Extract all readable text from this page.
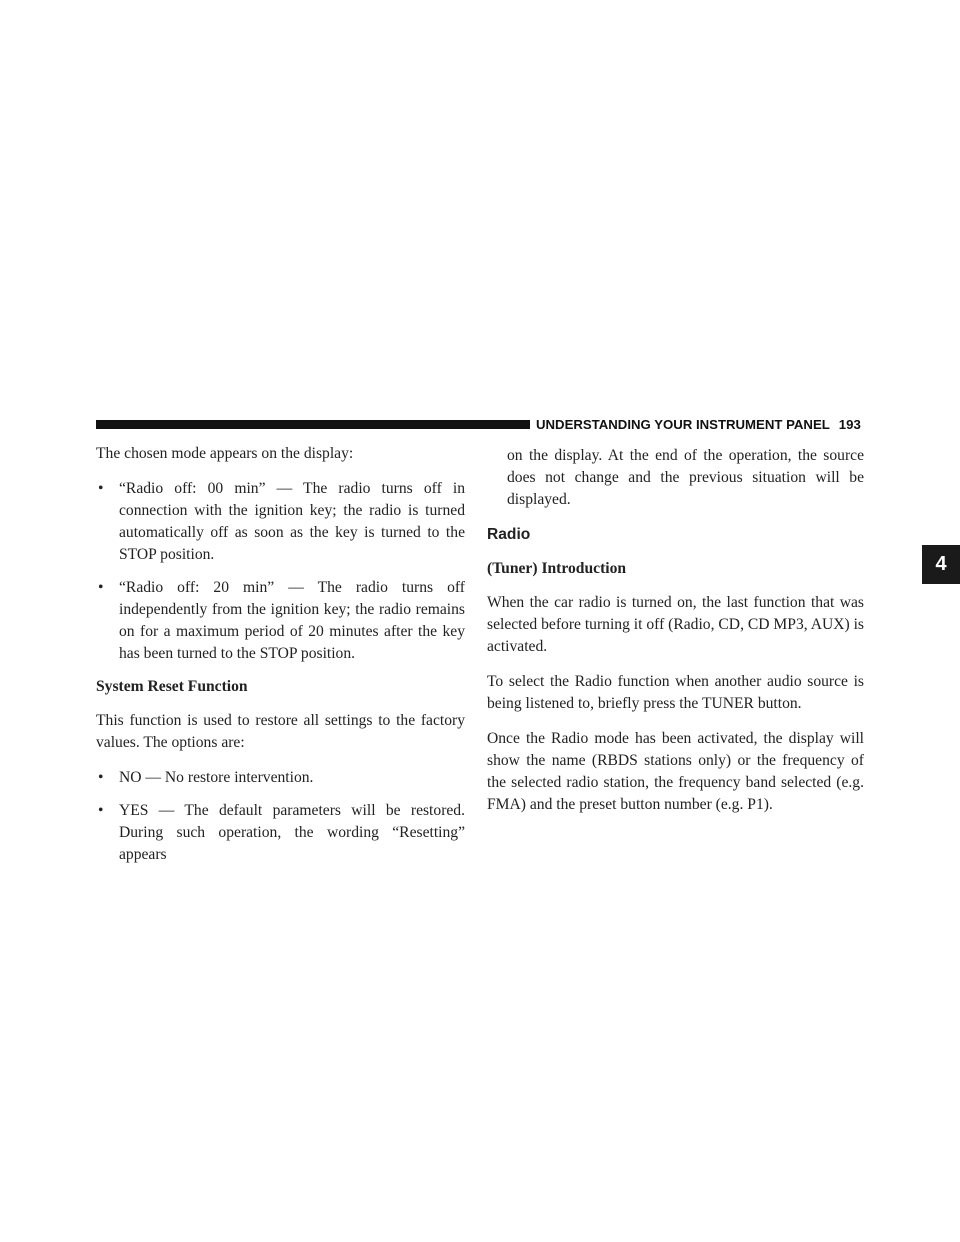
UNDERSTANDING YOUR INSTRUMENT PANEL 193
4

The chosen mode appears on the display:

• “Radio off: 00 min” — The radio turns off in connection with the ignition key; the radio is turned automatically off as soon as the key is turned to the STOP position.
• “Radio off: 20 min” — The radio turns off independently from the ignition key; the radio remains on for a maximum period of 20 minutes after the key has been turned to the STOP position.

System Reset Function

This function is used to restore all settings to the factory values. The options are:

• NO — No restore intervention.
• YES — The default parameters will be restored. During such operation, the wording “Resetting” appears

on the display. At the end of the operation, the source does not change and the previous situation will be displayed.

Radio

(Tuner) Introduction

When the car radio is turned on, the last function that was selected before turning it off (Radio, CD, CD MP3, AUX) is activated.

To select the Radio function when another audio source is being listened to, briefly press the TUNER button.

Once the Radio mode has been activated, the display will show the name (RBDS stations only) or the frequency of the selected radio station, the frequency band selected (e.g. FMA) and the preset button number (e.g. P1).
